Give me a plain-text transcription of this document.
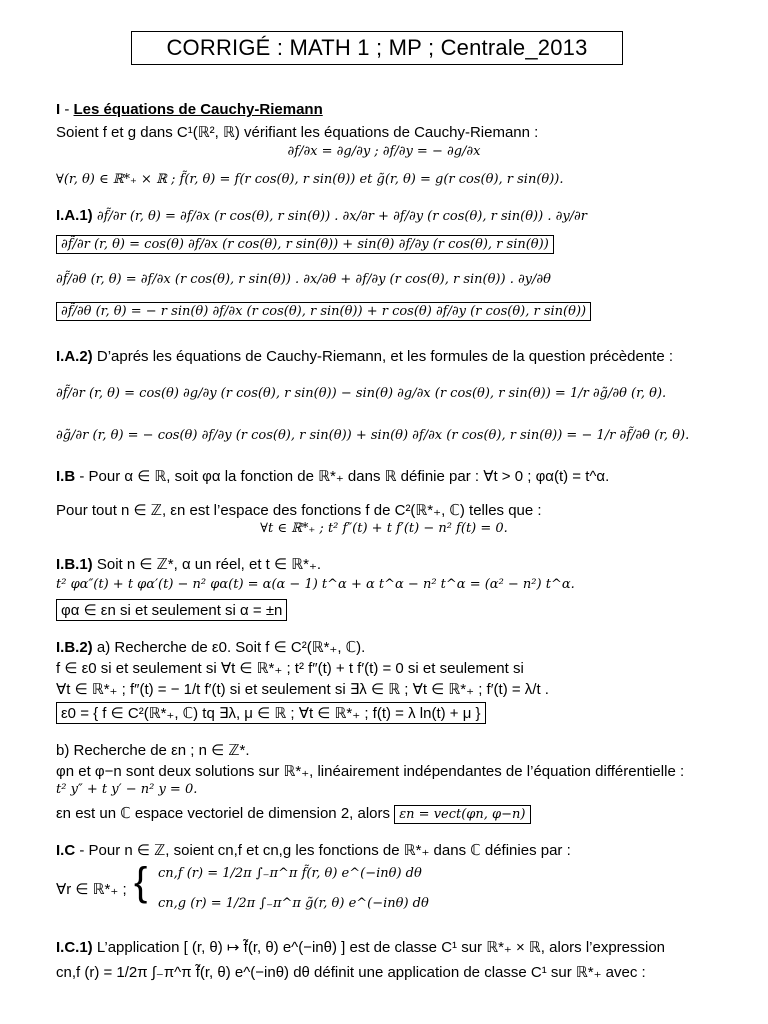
CORRIGÉ : MATH 1 ; MP ; Centrale_2013
I - Les équations de Cauchy-Riemann
Soient f et g dans C¹(ℝ², ℝ) vérifiant les équations de Cauchy-Riemann :
∂f/∂x = ∂g/∂y ; ∂f/∂y = − ∂g/∂x
∀(r, θ) ∈ ℝ*₊ × ℝ ; f̃(r, θ) = f(r cos(θ), r sin(θ)) et g̃(r, θ) = g(r cos(θ), r sin(θ)).
I.A.1) ∂f̃/∂r (r, θ) = ∂f/∂x (r cos(θ), r sin(θ)) . ∂x/∂r + ∂f/∂y (r cos(θ), r sin(θ)) . ∂y/∂r
∂f̃/∂r (r, θ) = cos(θ) ∂f/∂x (r cos(θ), r sin(θ)) + sin(θ) ∂f/∂y (r cos(θ), r sin(θ))
∂f̃/∂θ (r, θ) = ∂f/∂x (r cos(θ), r sin(θ)) . ∂x/∂θ + ∂f/∂y (r cos(θ), r sin(θ)) . ∂y/∂θ
∂f̃/∂θ (r, θ) = − r sin(θ) ∂f/∂x (r cos(θ), r sin(θ)) + r cos(θ) ∂f/∂y (r cos(θ), r sin(θ))
I.A.2) D’aprés les équations de Cauchy-Riemann, et les formules de la question précèdente :
∂f̃/∂r (r, θ) = cos(θ) ∂g/∂y (r cos(θ), r sin(θ)) − sin(θ) ∂g/∂x (r cos(θ), r sin(θ)) = 1/r ∂g̃/∂θ (r, θ).
∂g̃/∂r (r, θ) = − cos(θ) ∂f/∂y (r cos(θ), r sin(θ)) + sin(θ) ∂f/∂x (r cos(θ), r sin(θ)) = − 1/r ∂f̃/∂θ (r, θ).
I.B - Pour α ∈ ℝ, soit φα la fonction de ℝ*₊ dans ℝ définie par : ∀t > 0 ; φα(t) = t^α.
Pour tout n ∈ ℤ, εn est l’espace des fonctions f de C²(ℝ*₊, ℂ) telles que :
∀t ∈ ℝ*₊ ; t² f″(t) + t f′(t) − n² f(t) = 0.
I.B.1) Soit n ∈ ℤ*, α un réel, et t ∈ ℝ*₊.
t² φα″(t) + t φα′(t) − n² φα(t) = α(α − 1) t^α + α t^α − n² t^α = (α² − n²) t^α.
φα ∈ εn si et seulement si α = ±n
I.B.2) a) Recherche de ε0. Soit f ∈ C²(ℝ*₊, ℂ).
f ∈ ε0 si et seulement si ∀t ∈ ℝ*₊ ; t² f″(t) + t f′(t) = 0 si et seulement si
∀t ∈ ℝ*₊ ; f″(t) = − 1/t f′(t) si et seulement si ∃λ ∈ ℝ ; ∀t ∈ ℝ*₊ ; f′(t) = λ/t .
ε0 = { f ∈ C²(ℝ*₊, ℂ) tq ∃λ, μ ∈ ℝ ; ∀t ∈ ℝ*₊ ; f(t) = λ ln(t) + μ }
b) Recherche de εn ; n ∈ ℤ*.
φn et φ−n sont deux solutions sur ℝ*₊, linéairement indépendantes de l’équation différentielle :
t² y″ + t y′ − n² y = 0.
εn est un ℂ espace vectoriel de dimension 2, alors εn = vect(φn, φ−n)
I.C - Pour n ∈ ℤ, soient cn,f et cn,g les fonctions de ℝ*₊ dans ℂ définies par :
∀r ∈ ℝ*₊ ; { cn,f (r) = 1/2π ∫₋π^π f̃(r, θ) e^(−inθ) dθ
cn,g (r) = 1/2π ∫₋π^π g̃(r, θ) e^(−inθ) dθ
I.C.1) L’application [ (r, θ) ↦ f̃(r, θ) e^(−inθ) ] est de classe C¹ sur ℝ*₊ × ℝ, alors l’expression
cn,f (r) = 1/2π ∫₋π^π f̃(r, θ) e^(−inθ) dθ définit une application de classe C¹ sur ℝ*₊ avec :
